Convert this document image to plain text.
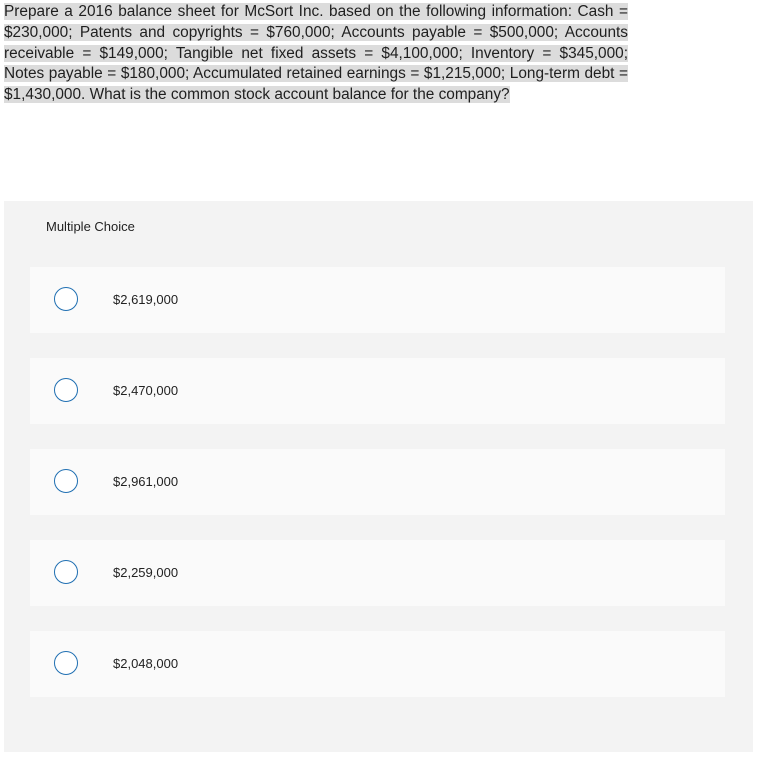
Prepare a 2016 balance sheet for McSort Inc. based on the following information: Cash = $230,000; Patents and copyrights = $760,000; Accounts payable = $500,000; Accounts receivable = $149,000; Tangible net fixed assets = $4,100,000; Inventory = $345,000; Notes payable = $180,000; Accumulated retained earnings = $1,215,000; Long-term debt = $1,430,000. What is the common stock account balance for the company?
Multiple Choice
$2,619,000
$2,470,000
$2,961,000
$2,259,000
$2,048,000
